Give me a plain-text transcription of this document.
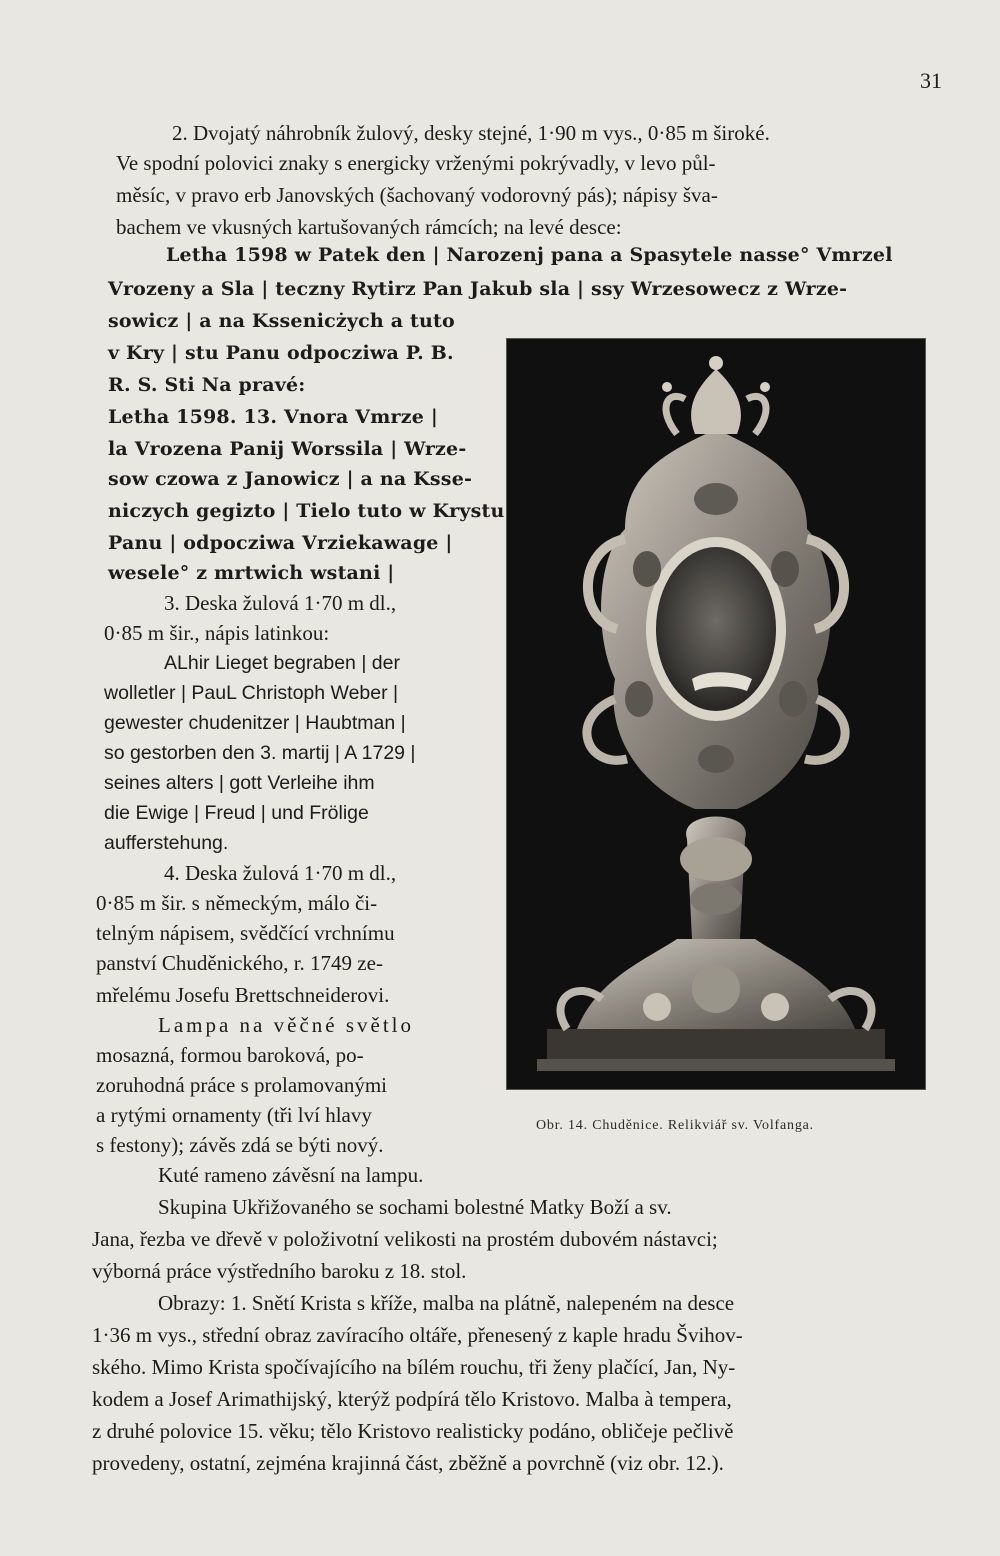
31
2. Dvojatý náhrobník žulový, desky stejné, 1·90 m vys., 0·85 m široké.
Ve spodní polovici znaky s energicky vrženými pokrývadly, v levo půl-
měsíc, v pravo erb Janovských (šachovaný vodorovný pás); nápisy šva-
bachem ve vkusných kartušovaných rámcích; na levé desce:
Letha 1598 w Patek den | Narozenj pana a Spasytele nasse° Vmrzel
Vrozeny a Sla | teczny Rytirz Pan Jakub sla | ssy Wrzesowecz z Wrze-
sowicz | a na Kssenicżych a tuto
v Kry | stu Panu odpocziwa P. B.
R. S. Sti Na pravé:
Letha 1598. 13. Vnora Vmrze |
la Vrozena Panij Worssila | Wrze-
sow czowa z Janowicz | a na Ksse-
niczych gegizto | Tielo tuto w Krystu
Panu | odpocziwa Vrziekawage |
wesele° z mrtwich wstani |
3. Deska žulová 1·70 m dl.,
0·85 m šir., nápis latinkou:
ALhir Lieget begraben | der
wolletler | PauL Christoph Weber |
gewester chudenitzer | Haubtman |
so gestorben den 3. martij | A 1729 |
seines alters | gott Verleihe ihm
die Ewige | Freud | und Frölige
aufferstehung.
4. Deska žulová 1·70 m dl.,
0·85 m šir. s německým, málo či-
telným nápisem, svědčící vrchnímu
panství Chuděnického, r. 1749 ze-
mřelému Josefu Brettschneiderovi.
Lampa na věčné světlo
mosazná, formou baroková, po-
zoruhodná práce s prolamovanými
a rytými ornamenty (tři lví hlavy
s festony); závěs zdá se býti nový.
Kuté rameno závěsní na lampu.
Skupina Ukřižovaného se sochami bolestné Matky Boží a sv.
Jana, řezba ve dřevě v položivotní velikosti na prostém dubovém nástavci;
výborná práce výstředního baroku z 18. stol.
Obrazy: 1. Snětí Krista s kříže, malba na plátně, nalepeném na desce
1·36 m vys., střední obraz zavíracího oltáře, přenesený z kaple hradu Švihov-
ského. Mimo Krista spočívajícího na bílém rouchu, tři ženy plačící, Jan, Ny-
kodem a Josef Arimathijský, kterýž podpírá tělo Kristovo. Malba à tempera,
z druhé polovice 15. věku; tělo Kristovo realisticky podáno, obličeje pečlivě
provedeny, ostatní, zejména krajinná část, zběžně a povrchně (viz obr. 12.).
Obr. 14. Chuděnice. Relikviář sv. Volfanga.
